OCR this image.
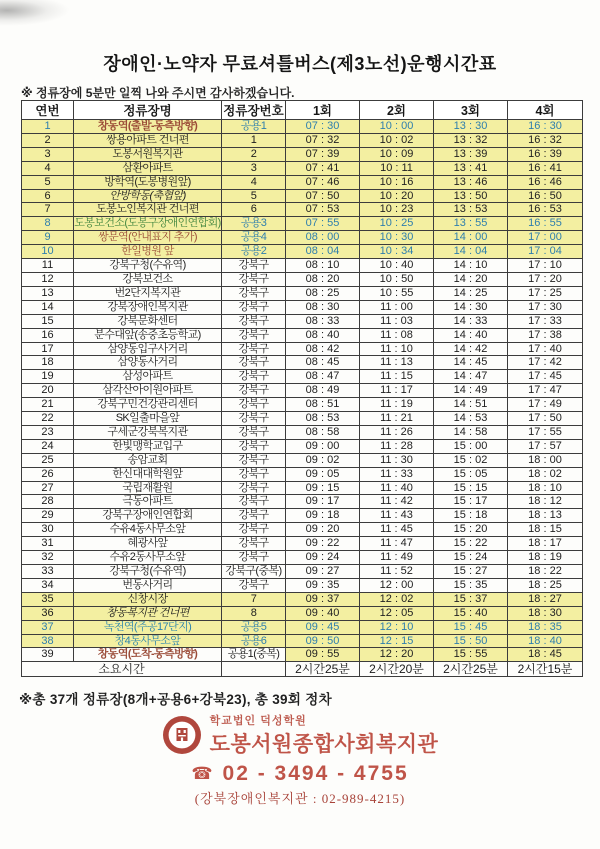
장애인·노약자 무료셔틀버스(제3노선)운행시간표
※ 정류장에 5분만 일찍 나와 주시면 감사하겠습니다.
연번	정류장명	정류장번호	1회	2회	3회	4회
1	창동역(출발-동측방향)	공용1	07 : 30	10 : 00	13 : 30	16 : 30
2	쌍용아파트 건너편	1	07 : 32	10 : 02	13 : 32	16 : 32
3	도봉서원복지관	2	07 : 39	10 : 09	13 : 39	16 : 39
4	삼환아파트	3	07 : 41	10 : 11	13 : 41	16 : 41
5	방학역(도봉병원앞)	4	07 : 46	10 : 16	13 : 46	16 : 46
6	안방학동(축협앞)	5	07 : 50	10 : 20	13 : 50	16 : 50
7	도봉노인복지관 건너편	6	07 : 53	10 : 23	13 : 53	16 : 53
8	도봉보건소(도봉구장애인연합회)	공용3	07 : 55	10 : 25	13 : 55	16 : 55
9	쌍문역(안내표지 추가)	공용4	08 : 00	10 : 30	14 : 00	17 : 00
10	한일병원 앞	공용2	08 : 04	10 : 34	14 : 04	17 : 04
11	강북구청(수유역)	강북구	08 : 10	10 : 40	14 : 10	17 : 10
12	강북보건소	강북구	08 : 20	10 : 50	14 : 20	17 : 20
13	번2단지복지관	강북구	08 : 25	10 : 55	14 : 25	17 : 25
14	강북장애인복지관	강북구	08 : 30	11 : 00	14 : 30	17 : 30
15	강북문화센터	강북구	08 : 33	11 : 03	14 : 33	17 : 33
16	분수대앞(송중초등학교)	강북구	08 : 40	11 : 08	14 : 40	17 : 38
17	삼양동입구사거리	강북구	08 : 42	11 : 10	14 : 42	17 : 40
18	삼양동사거리	강북구	08 : 45	11 : 13	14 : 45	17 : 42
19	삼성아파트	강북구	08 : 47	11 : 15	14 : 47	17 : 45
20	삼각산아이원아파트	강북구	08 : 49	11 : 17	14 : 49	17 : 47
21	강북구민건강관리센터	강북구	08 : 51	11 : 19	14 : 51	17 : 49
22	SK일출마을앞	강북구	08 : 53	11 : 21	14 : 53	17 : 50
23	구세군강북복지관	강북구	08 : 58	11 : 26	14 : 58	17 : 55
24	한빛맹학교입구	강북구	09 : 00	11 : 28	15 : 00	17 : 57
25	송암교회	강북구	09 : 02	11 : 30	15 : 02	18 : 00
26	한신대대학원앞	강북구	09 : 05	11 : 33	15 : 05	18 : 02
27	국립재활원	강북구	09 : 15	11 : 40	15 : 15	18 : 10
28	극동아파트	강북구	09 : 17	11 : 42	15 : 17	18 : 12
29	강북구장애인연합회	강북구	09 : 18	11 : 43	15 : 18	18 : 13
30	수유4동사무소앞	강북구	09 : 20	11 : 45	15 : 20	18 : 15
31	혜광사앞	강북구	09 : 22	11 : 47	15 : 22	18 : 17
32	수유2동사무소앞	강북구	09 : 24	11 : 49	15 : 24	18 : 19
33	강북구청(수유역)	강북구(중복)	09 : 27	11 : 52	15 : 27	18 : 22
34	번동사거리	강북구	09 : 35	12 : 00	15 : 35	18 : 25
35	신창시장	7	09 : 37	12 : 02	15 : 37	18 : 27
36	창동복지관 건너편	8	09 : 40	12 : 05	15 : 40	18 : 30
37	녹천역(주공17단지)	공용5	09 : 45	12 : 10	15 : 45	18 : 35
38	창4동사무소앞	공용6	09 : 50	12 : 15	15 : 50	18 : 40
39	창동역(도착-동측방향)	공용1(중복)	09 : 55	12 : 20	15 : 55	18 : 45
소요시간			2시간25분	2시간20분	2시간25분	2시간15분
※총 37개 정류장(8개+공용6+강북23), 총 39회 정차
학교법인 덕성학원
도봉서원종합사회복지관
☎ 02 - 3494 - 4755
(강북장애인복지관 : 02-989-4215)
